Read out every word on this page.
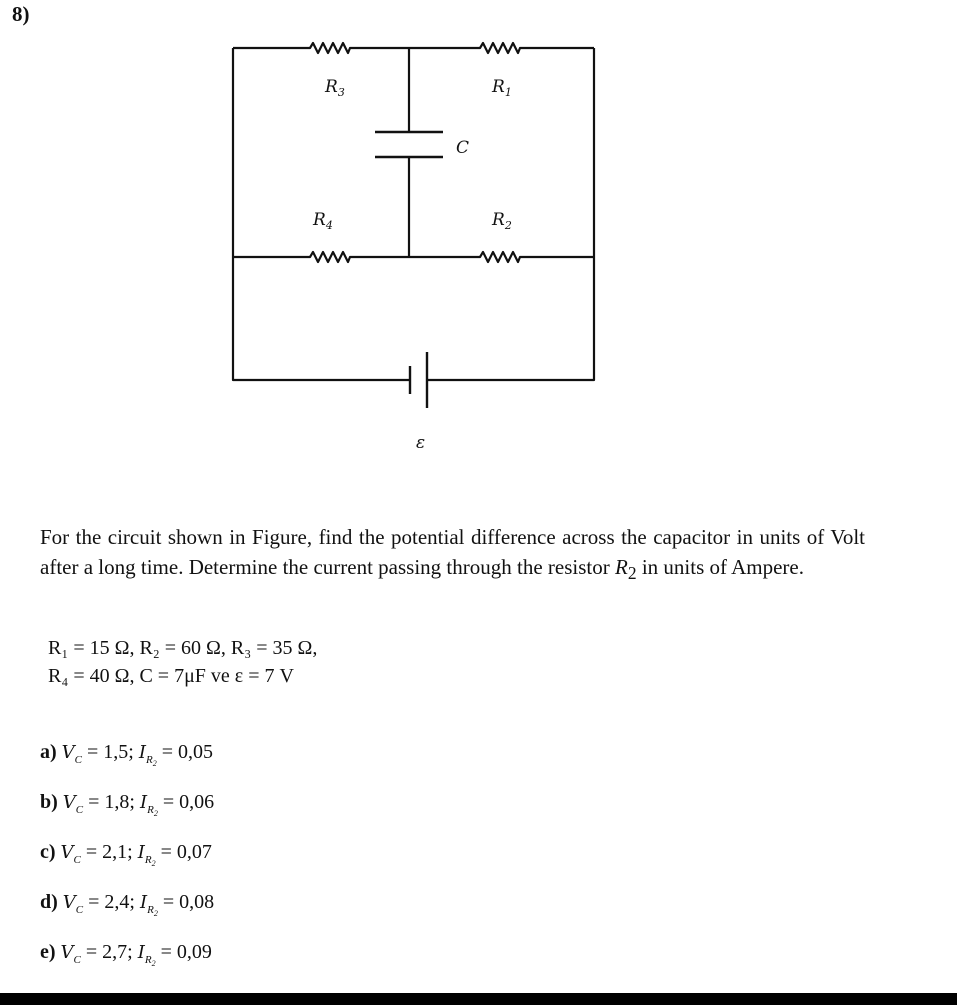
8)
$R_3$	$R_1$
C
$R_4$	$R_2$
ε
For the circuit shown in Figure, find the potential difference across the capacitor in units of Volt after a long time. Determine the current passing through the resistor $R_2$ in units of Ampere.
R₁ = 15 Ω, R₂ = 60 Ω, R₃ = 35 Ω,
R₄ = 40 Ω, C = 7μF ve ε = 7 V
a) $V_C = 1,5$; $I_{R_2} = 0,05$
b) $V_C = 1,8$; $I_{R_2} = 0,06$
c) $V_C = 2,1$; $I_{R_2} = 0,07$
d) $V_C = 2,4$; $I_{R_2} = 0,08$
e) $V_C = 2,7$; $I_{R_2} = 0,09$
